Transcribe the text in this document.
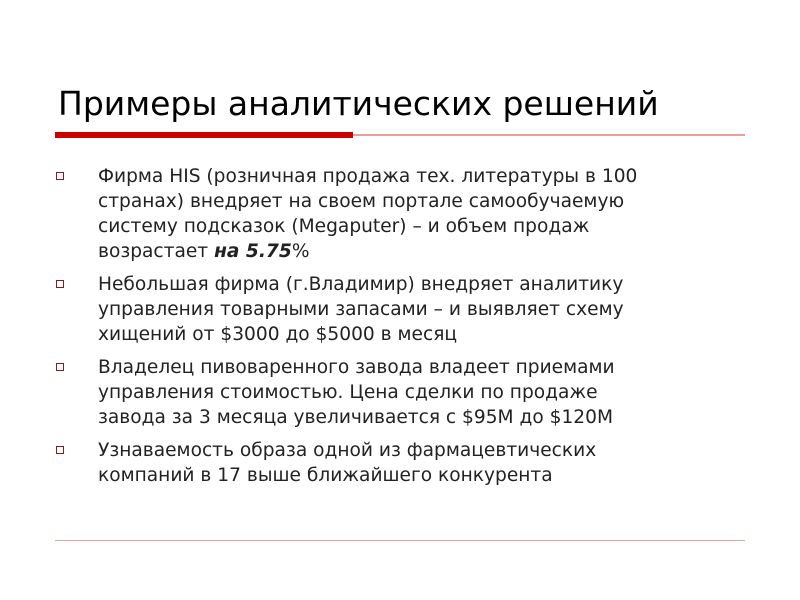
Примеры аналитических решений
Фирма HIS (розничная продажа тех. литературы в 100
странах) внедряет на своем портале самообучаемую
систему подсказок (Megaputer) – и объем продаж
возрастает на 5.75%
Небольшая фирма (г.Владимир) внедряет аналитику
управления товарными запасами – и выявляет схему
хищений от $3000 до $5000 в месяц
Владелец пивоваренного завода владеет приемами
управления стоимостью. Цена сделки по продаже
завода за 3 месяца увеличивается с $95M до $120M
Узнаваемость образа одной из фармацевтических
компаний в 17 выше ближайшего конкурента
